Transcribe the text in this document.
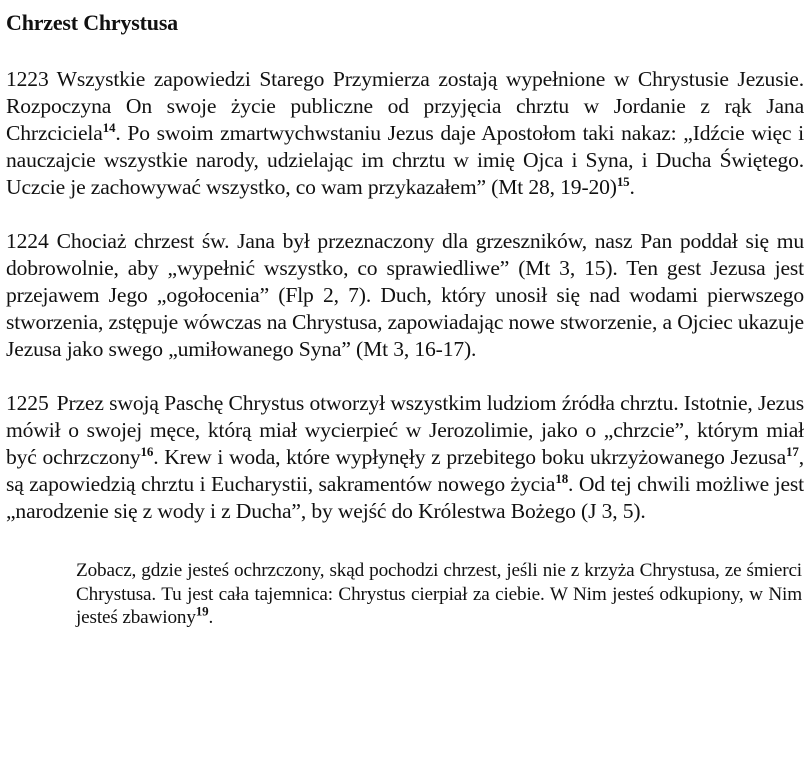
Chrzest Chrystusa
1223 Wszystkie zapowiedzi Starego Przymierza zostają wypełnione w Chrystusie Jezusie. Rozpoczyna On swoje życie publiczne od przyjęcia chrztu w Jordanie z rąk Jana Chrzciciela$^{14}$. Po swoim zmartwychwstaniu Jezus daje Apostołom taki nakaz: „Idźcie więc i nauczajcie wszystkie narody, udzielając im chrztu w imię Ojca i Syna, i Ducha Świętego. Uczcie je zachowywać wszystko, co wam przykazałem” (Mt 28, 19-20)$^{15}$.
1224 Chociaż chrzest św. Jana był przeznaczony dla grzeszników, nasz Pan poddał się mu dobrowolnie, aby „wypełnić wszystko, co sprawiedliwe” (Mt 3, 15). Ten gest Jezusa jest przejawem Jego „ogołocenia” (Flp 2, 7). Duch, który unosił się nad wodami pierwszego stworzenia, zstępuje wówczas na Chrystusa, zapowiadając nowe stworzenie, a Ojciec ukazuje Jezusa jako swego „umiłowanego Syna” (Mt 3, 16-17).
1225 Przez swoją Paschę Chrystus otworzył wszystkim ludziom źródła chrztu. Istotnie, Jezus mówił o swojej męce, którą miał wycierpieć w Jerozolimie, jako o „chrzcie”, którym miał być ochrzczony$^{16}$. Krew i woda, które wypłynęły z przebitego boku ukrzyżowanego Jezusa$^{17}$, są zapowiedzią chrztu i Eucharystii, sakramentów nowego życia$^{18}$. Od tej chwili możliwe jest „narodzenie się z wody i z Ducha”, by wejść do Królestwa Bożego (J 3, 5).
Zobacz, gdzie jesteś ochrzczony, skąd pochodzi chrzest, jeśli nie z krzyża Chrystusa, ze śmierci Chrystusa. Tu jest cała tajemnica: Chrystus cierpiał za ciebie. W Nim jesteś odkupiony, w Nim jesteś zbawiony$^{19}$.
